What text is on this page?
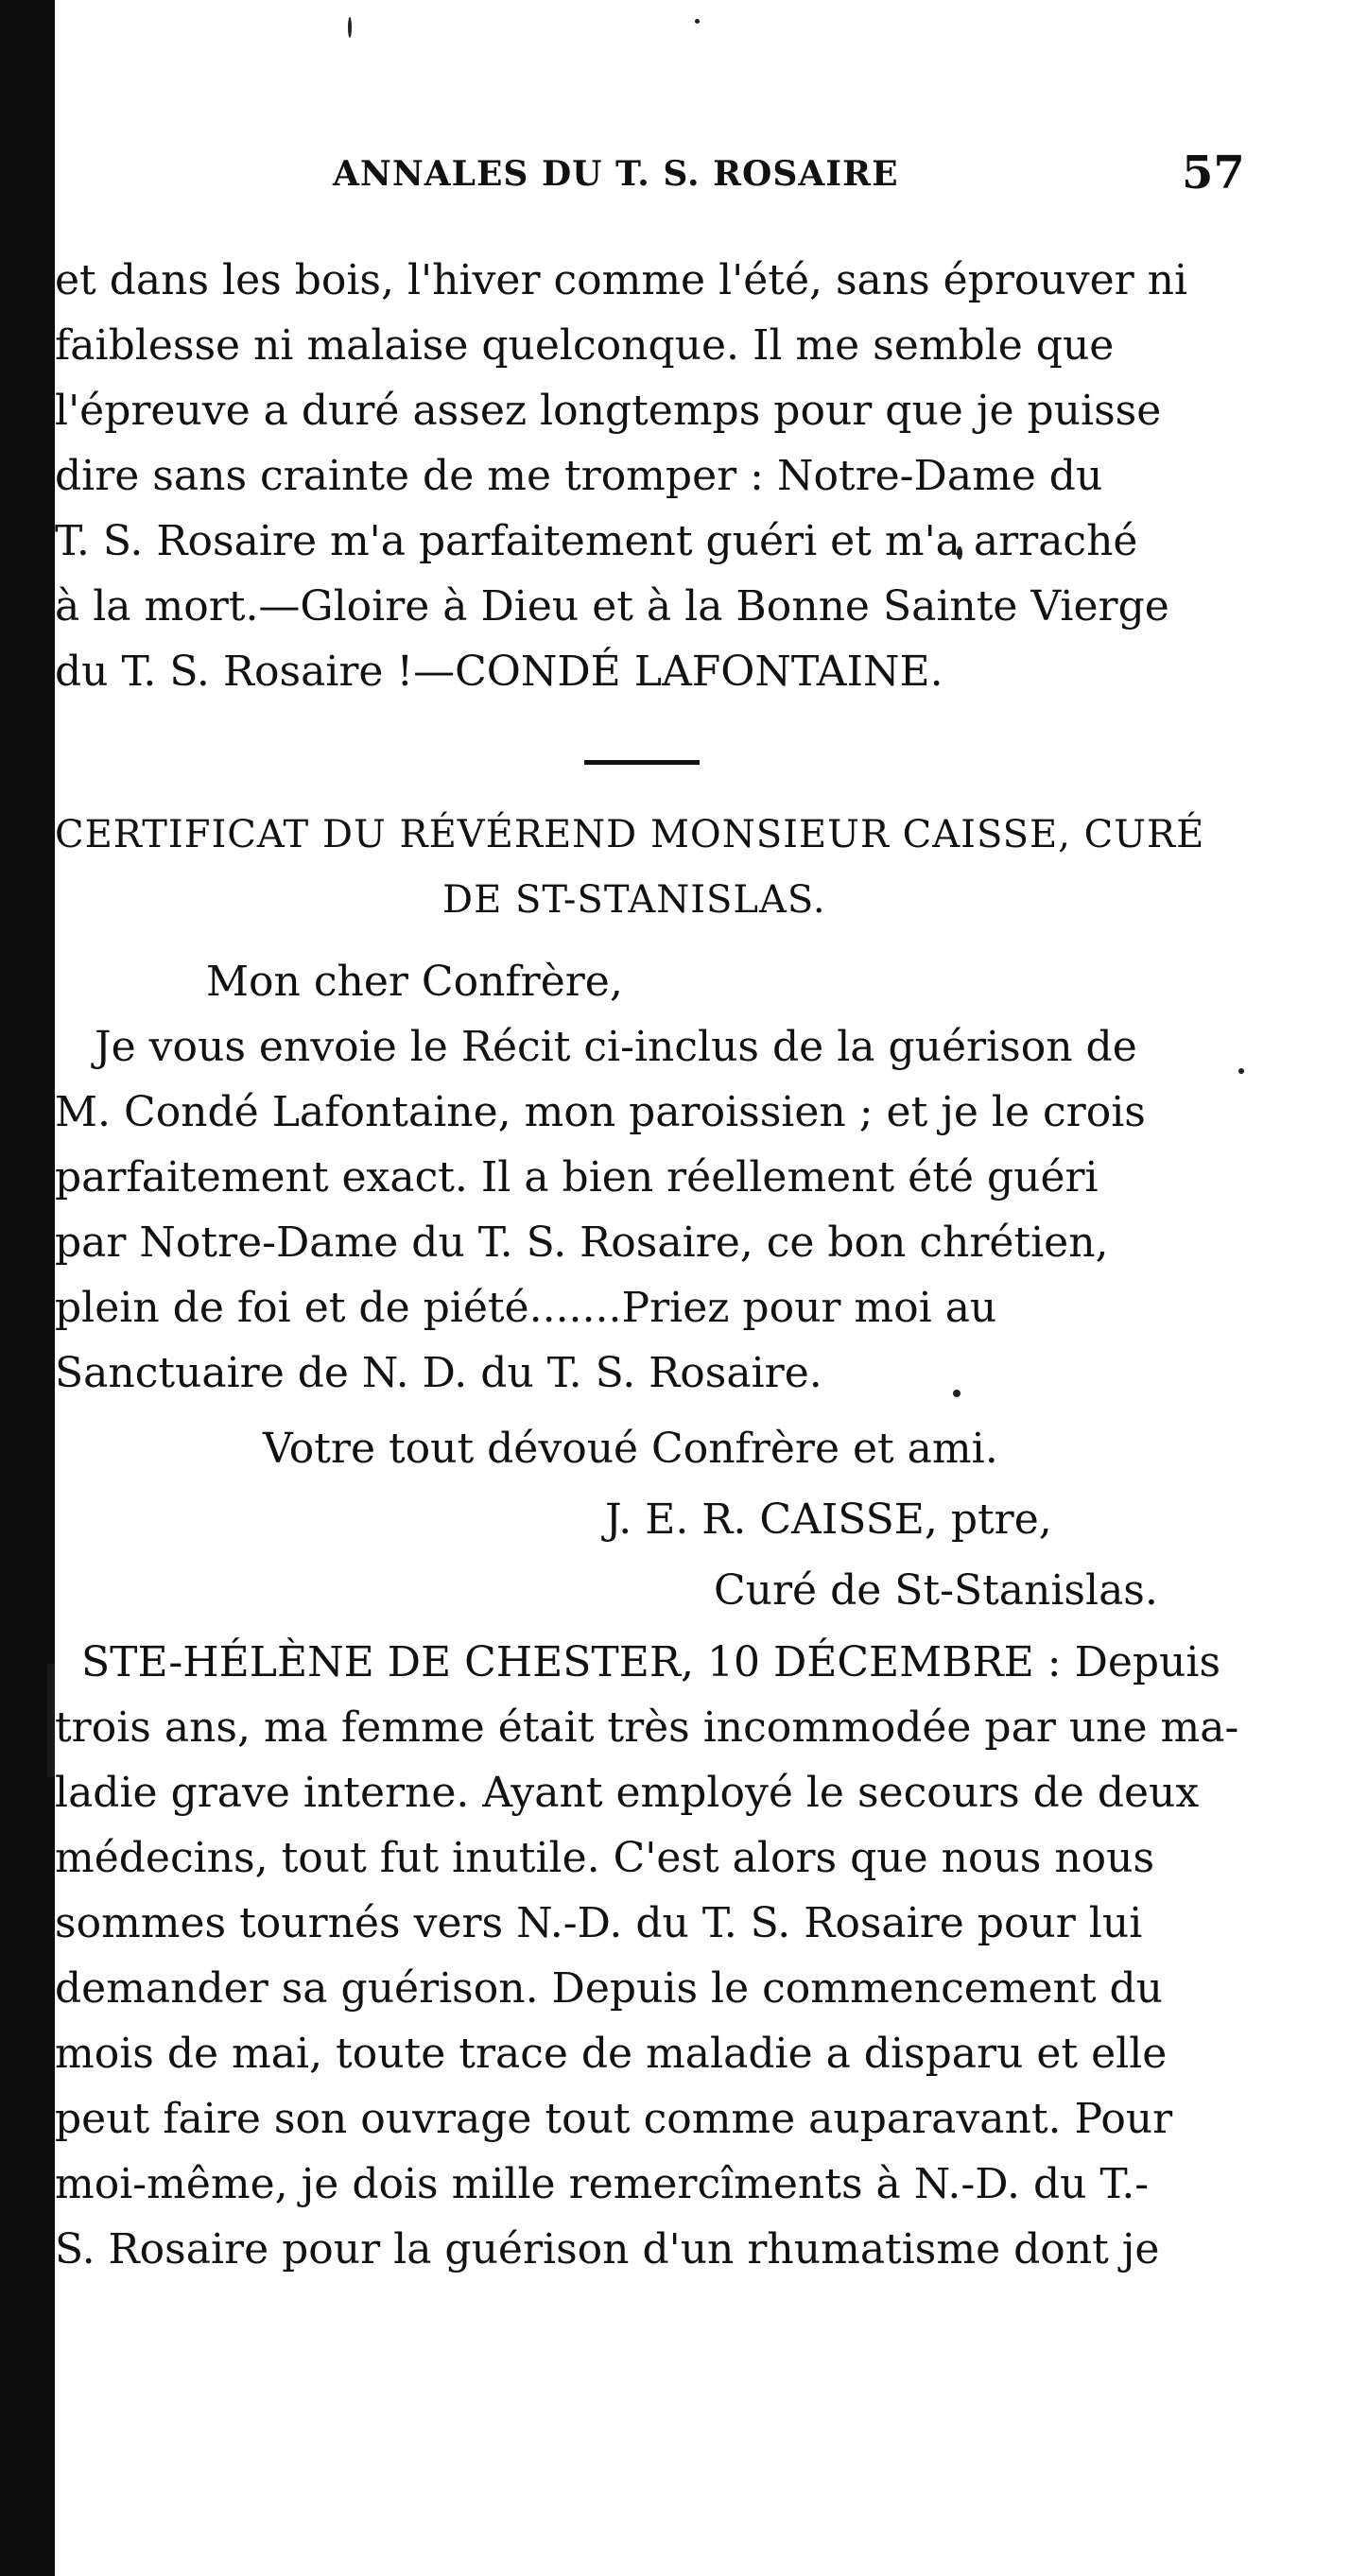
ANNALES DU T. S. ROSAIRE	57
et dans les bois, l'hiver comme l'été, sans éprouver ni
faiblesse ni malaise quelconque. Il me semble que
l'épreuve a duré assez longtemps pour que je puisse
dire sans crainte de me tromper : Notre-Dame du
T. S. Rosaire m'a parfaitement guéri et m'a arraché
à la mort.—Gloire à Dieu et à la Bonne Sainte Vierge
du T. S. Rosaire !—CONDÉ LAFONTAINE.
CERTIFICAT DU RÉVÉREND MONSIEUR CAISSE, CURÉ
DE ST-STANISLAS.
Mon cher Confrère,
Je vous envoie le Récit ci-inclus de la guérison de
M. Condé Lafontaine, mon paroissien ; et je le crois
parfaitement exact. Il a bien réellement été guéri
par Notre-Dame du T. S. Rosaire, ce bon chrétien,
plein de foi et de piété.......Priez pour moi au
Sanctuaire de N. D. du T. S. Rosaire.
Votre tout dévoué Confrère et ami.
J. E. R. CAISSE, ptre,
Curé de St-Stanislas.
STE-HÉLÈNE DE CHESTER, 10 DÉCEMBRE : Depuis
trois ans, ma femme était très incommodée par une ma-
ladie grave interne. Ayant employé le secours de deux
médecins, tout fut inutile. C'est alors que nous nous
sommes tournés vers N.-D. du T. S. Rosaire pour lui
demander sa guérison. Depuis le commencement du
mois de mai, toute trace de maladie a disparu et elle
peut faire son ouvrage tout comme auparavant. Pour
moi-même, je dois mille remercîments à N.-D. du T.-
S. Rosaire pour la guérison d'un rhumatisme dont je
